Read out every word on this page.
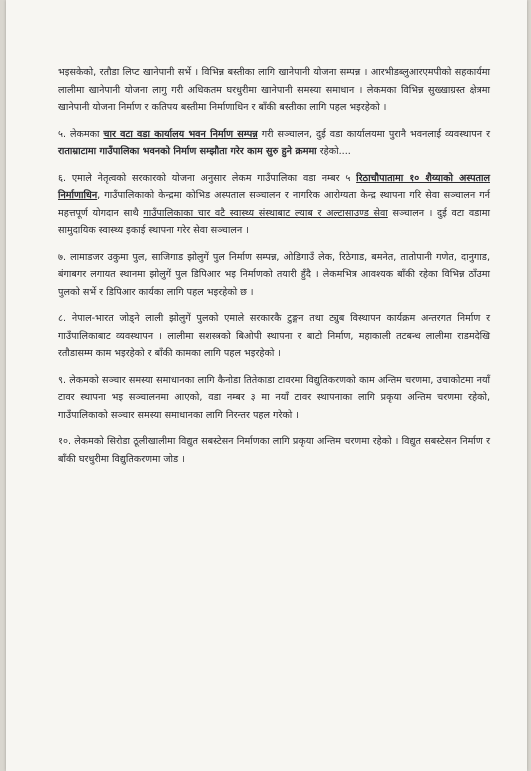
भइसकेको, रतौडा लिप्ट खानेपानी सर्भे । विभिन्न बस्तीका लागि खानेपानी योजना सम्पन्न । आरभीडब्लुआरएमपीको सहकार्यमा लालीमा खानेपानी योजना लागु गरी अधिकतम घरधुरीमा खानेपानी समस्या समाधान । लेकमका विभिन्न सुख्खाग्रस्त क्षेत्रमा खानेपानी योजना निर्माण र कतिपय बस्तीमा निर्माणाधिन र बाँकी बस्तीका लागि पहल भइरहेको ।

५. लेकमका चार वटा वडा कार्यालय भवन निर्माण सम्पन्न गरी सञ्चालन, दुई वडा कार्यालयमा पुरानै भवनलाई व्यवस्थापन र राताम्राटामा गाउँपालिका भवनको निर्माण सम्झौता गरेर काम सुरु हुने क्रममा रहेको....

६. एमाले नेतृत्वको सरकारको योजना अनुसार लेकम गाउँपालिका वडा नम्बर ५ रिठाचौपातामा १० शैय्याको अस्पताल निर्माणाधिन, गाउँपालिकाको केन्द्रमा कोभिड अस्पताल सञ्चालन र नागरिक आरोग्यता केन्द्र स्थापना गरि सेवा सञ्चालन गर्न महत्तपूर्ण योगदान साथै गाउँपालिकाका चार वटै स्वास्थ्य संस्थाबाट ल्याब र अल्टासाउण्ड सेवा सञ्चालन । दुई वटा वडामा सामुदायिक स्वास्थ्य इकाई स्थापना गरेर सेवा सञ्चालन ।

७. लामाडजर उकुमा पुल, साजिगाड झोलुगें पुल निर्माण सम्पन्न, ओडिगाउँ लेक, रिठेगाड, बमनेत, तातोपानी गणेत, दानुगाड, बंगाबगर लगायत स्थानमा झोलुगें पुल डिपिआर भइ निर्माणको तयारी हुँदै । लेकमभित्र आवश्यक बाँकी रहेका विभिन्न ठाँउमा पुलको सर्भे र डिपिआर कार्यका लागि पहल भइरहेको छ ।

८. नेपाल-भारत जोड्ने लाली झोलुगें पुलको एमाले सरकारकै टुङ्गन तथा ट्युब विस्थापन कार्यक्रम अन्तरगत निर्माण र गाउँपालिकाबाट व्यवस्थापन । लालीमा सशस्त्रको बिओपी स्थापना र बाटो निर्माण, महाकाली तटबन्ध लालीमा राडमदेखि रतौडासम्म काम भइरहेको र बाँकी कामका लागि पहल भइरहेको ।

९. लेकमको सञ्चार समस्या समाधानका लागि कैनोडा तितेकाडा टावरमा विद्युतिकरणको काम अन्तिम चरणमा, उचाकोटमा नयाँ टावर स्थापना भइ सञ्चालनमा आएको, वडा नम्बर ३ मा नयाँ टावर स्थापनाका लागि प्रकृया अन्तिम चरणमा रहेको, गाउँपालिकाको सञ्चार समस्या समाधानका लागि निरन्तर पहल गरेको ।

१०. लेकमको सिरोडा ठूलीखालीमा विद्युत सबस्टेसन निर्माणका लागि प्रकृया अन्तिम चरणमा रहेको । विद्युत सबस्टेसन निर्माण र बाँकी घरधुरीमा विद्युतिकरणमा जोड ।
